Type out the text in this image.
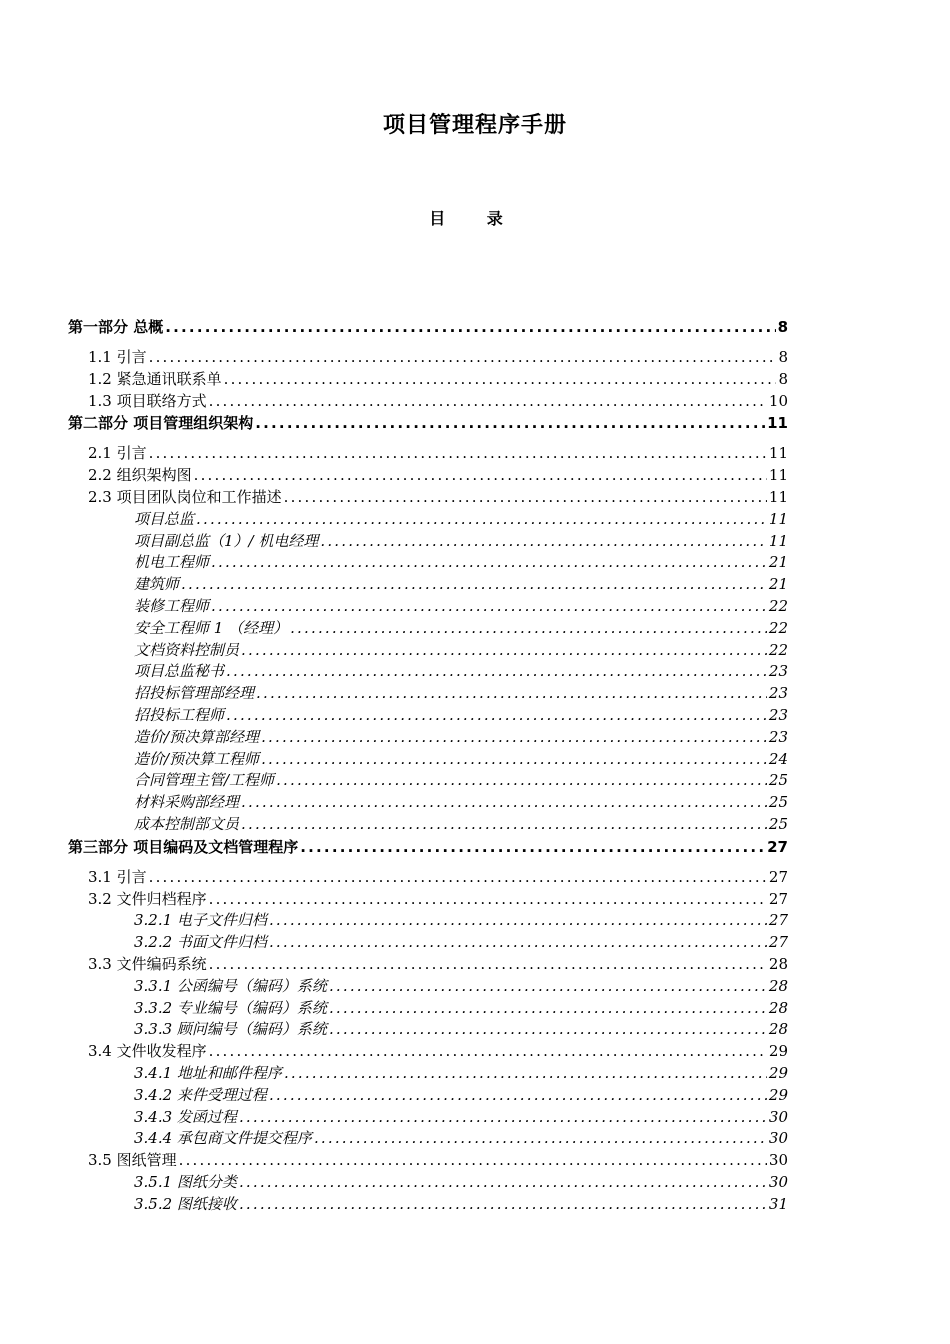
项目管理程序手册
目 录
第一部分 总概 .....	8
1.1 引言 .....	8
1.2 紧急通讯联系单 .....	8
1.3 项目联络方式 .....	10
第二部分 项目管理组织架构 .....	11
2.1 引言 .....	11
2.2 组织架构图 .....	11
2.3 项目团队岗位和工作描述 .....	11
项目总监 .....	11
项目副总监（1）/ 机电经理 .....	11
机电工程师 .....	21
建筑师 .....	21
装修工程师 .....	22
安全工程师 1 （经理） .....	22
文档资料控制员 .....	22
项目总监秘书 .....	23
招投标管理部经理 .....	23
招投标工程师 .....	23
造价/预决算部经理 .....	23
造价/预决算工程师 .....	24
合同管理主管/工程师 .....	25
材料采购部经理 .....	25
成本控制部文员 .....	25
第三部分 项目编码及文档管理程序 .....	27
3.1 引言 .....	27
3.2 文件归档程序 .....	27
3.2.1 电子文件归档 .....	27
3.2.2 书面文件归档 .....	27
3.3 文件编码系统 .....	28
3.3.1 公函编号（编码）系统 .....	28
3.3.2 专业编号（编码）系统 .....	28
3.3.3 顾问编号（编码）系统 .....	28
3.4 文件收发程序 .....	29
3.4.1 地址和邮件程序 .....	29
3.4.2 来件受理过程 .....	29
3.4.3 发函过程 .....	30
3.4.4 承包商文件提交程序 .....	30
3.5 图纸管理 .....	30
3.5.1 图纸分类 .....	30
3.5.2 图纸接收 .....	31
